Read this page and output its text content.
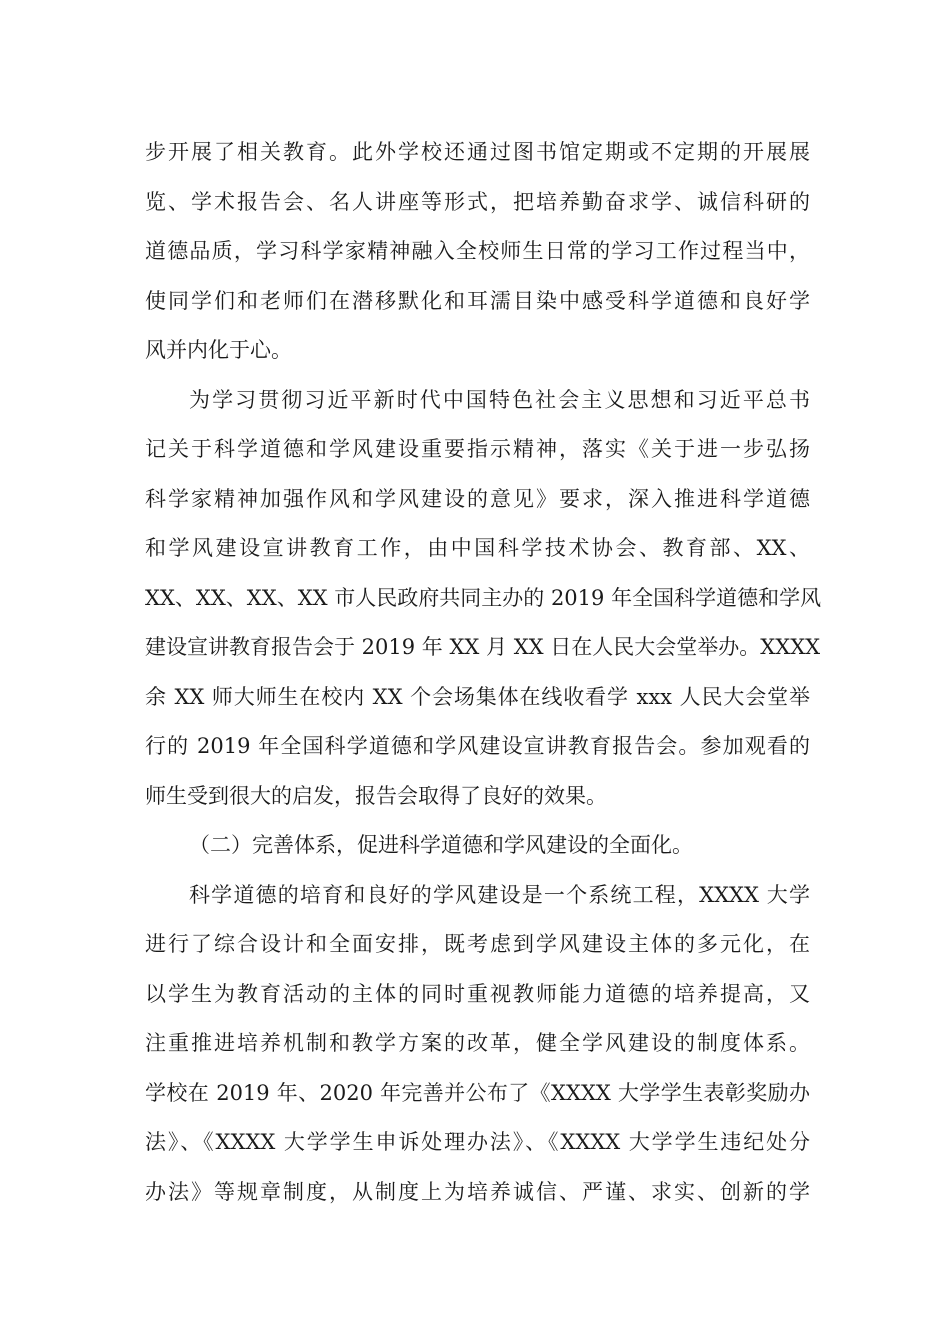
步开展了相关教育。此外学校还通过图书馆定期或不定期的开展展
览、学术报告会、名人讲座等形式，把培养勤奋求学、诚信科研的
道德品质，学习科学家精神融入全校师生日常的学习工作过程当中，
使同学们和老师们在潜移默化和耳濡目染中感受科学道德和良好学
风并内化于心。
为学习贯彻习近平新时代中国特色社会主义思想和习近平总书
记关于科学道德和学风建设重要指示精神，落实《关于进一步弘扬
科学家精神加强作风和学风建设的意见》要求，深入推进科学道德
和学风建设宣讲教育工作，由中国科学技术协会、教育部、XX、
XX、XX、XX、XX 市人民政府共同主办的 2019 年全国科学道德和学风
建设宣讲教育报告会于 2019 年 XX 月 XX 日在人民大会堂举办。XXXX
余 XX 师大师生在校内 XX 个会场集体在线收看学 xxx 人民大会堂举
行的 2019 年全国科学道德和学风建设宣讲教育报告会。参加观看的
师生受到很大的启发，报告会取得了良好的效果。
（二）完善体系，促进科学道德和学风建设的全面化。
科学道德的培育和良好的学风建设是一个系统工程，XXXX 大学
进行了综合设计和全面安排，既考虑到学风建设主体的多元化，在
以学生为教育活动的主体的同时重视教师能力道德的培养提高，又
注重推进培养机制和教学方案的改革，健全学风建设的制度体系。
学校在 2019 年、2020 年完善并公布了《XXXX 大学学生表彰奖励办
法》、《XXXX 大学学生申诉处理办法》、《XXXX 大学学生违纪处分
办法》等规章制度，从制度上为培养诚信、严谨、求实、创新的学
